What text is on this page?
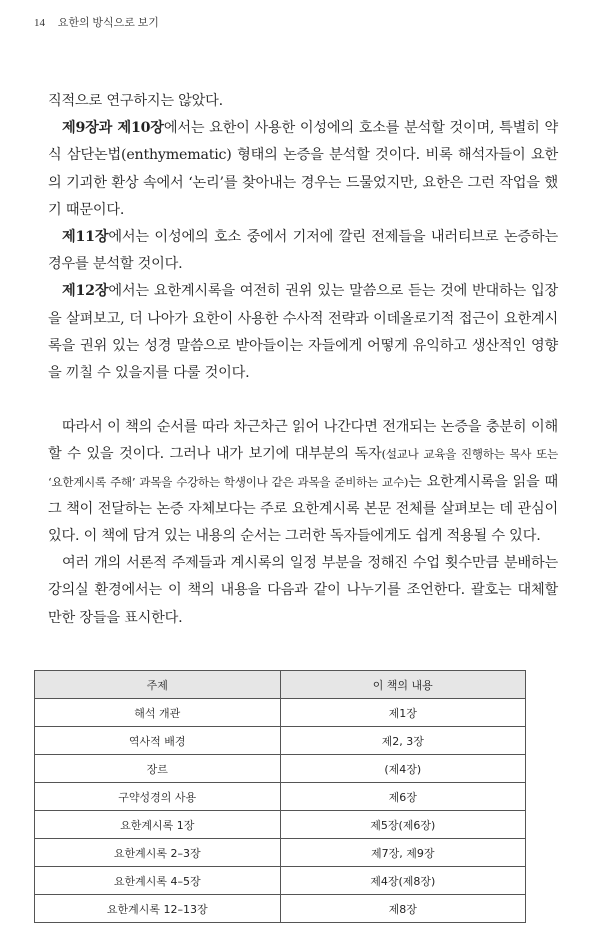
14 요한의 방식으로 보기

직적으로 연구하지는 않았다.

제9장과 제10장에서는 요한이 사용한 이성에의 호소를 분석할 것이며, 특별히 약식 삼단논법(enthymematic) 형태의 논증을 분석할 것이다. 비록 해석자들이 요한의 기괴한 환상 속에서 ‘논리’를 찾아내는 경우는 드물었지만, 요한은 그런 작업을 했기 때문이다.

제11장에서는 이성에의 호소 중에서 기저에 깔린 전제들을 내러티브로 논증하는 경우를 분석할 것이다.

제12장에서는 요한계시록을 여전히 권위 있는 말씀으로 듣는 것에 반대하는 입장을 살펴보고, 더 나아가 요한이 사용한 수사적 전략과 이데올로기적 접근이 요한계시록을 권위 있는 성경 말씀으로 받아들이는 자들에게 어떻게 유익하고 생산적인 영향을 끼칠 수 있을지를 다룰 것이다.

따라서 이 책의 순서를 따라 차근차근 읽어 나간다면 전개되는 논증을 충분히 이해할 수 있을 것이다. 그러나 내가 보기에 대부분의 독자(설교나 교육을 진행하는 목사 또는 ‘요한계시록 주해’ 과목을 수강하는 학생이나 같은 과목을 준비하는 교수)는 요한계시록을 읽을 때 그 책이 전달하는 논증 자체보다는 주로 요한계시록 본문 전체를 살펴보는 데 관심이 있다. 이 책에 담겨 있는 내용의 순서는 그러한 독자들에게도 쉽게 적용될 수 있다.

여러 개의 서론적 주제들과 계시록의 일정 부분을 정해진 수업 횟수만큼 분배하는 강의실 환경에서는 이 책의 내용을 다음과 같이 나누기를 조언한다. 괄호는 대체할 만한 장들을 표시한다.

주제	이 책의 내용
해석 개관	제1장
역사적 배경	제2, 3장
장르	(제4장)
구약성경의 사용	제6장
요한계시록 1장	제5장(제6장)
요한계시록 2–3장	제7장, 제9장
요한계시록 4–5장	제4장(제8장)
요한계시록 12–13장	제8장
